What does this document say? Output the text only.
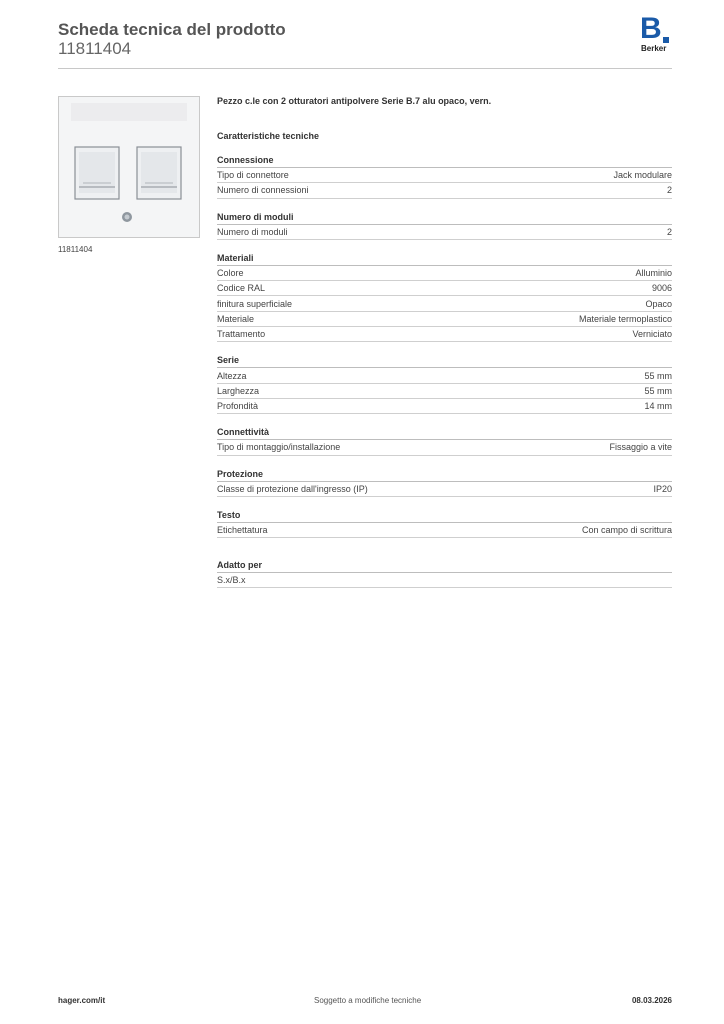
Scheda tecnica del prodotto
11811404
B
Berker
11811404
Pezzo c.le con 2 otturatori antipolvere Serie B.7 alu opaco, vern.
Caratteristiche tecniche
Connessione
Tipo di connettore	Jack modulare
Numero di connessioni	2
Numero di moduli
Numero di moduli	2
Materiali
Colore	Alluminio
Codice RAL	9006
finitura superficiale	Opaco
Materiale	Materiale termoplastico
Trattamento	Verniciato
Serie
Altezza	55 mm
Larghezza	55 mm
Profondità	14 mm
Connettività
Tipo di montaggio/installazione	Fissaggio a vite
Protezione
Classe di protezione dall'ingresso (IP)	IP20
Testo
Etichettatura	Con campo di scrittura
Adatto per
S.x/B.x
hager.com/it	Soggetto a modifiche tecniche	08.03.2026
